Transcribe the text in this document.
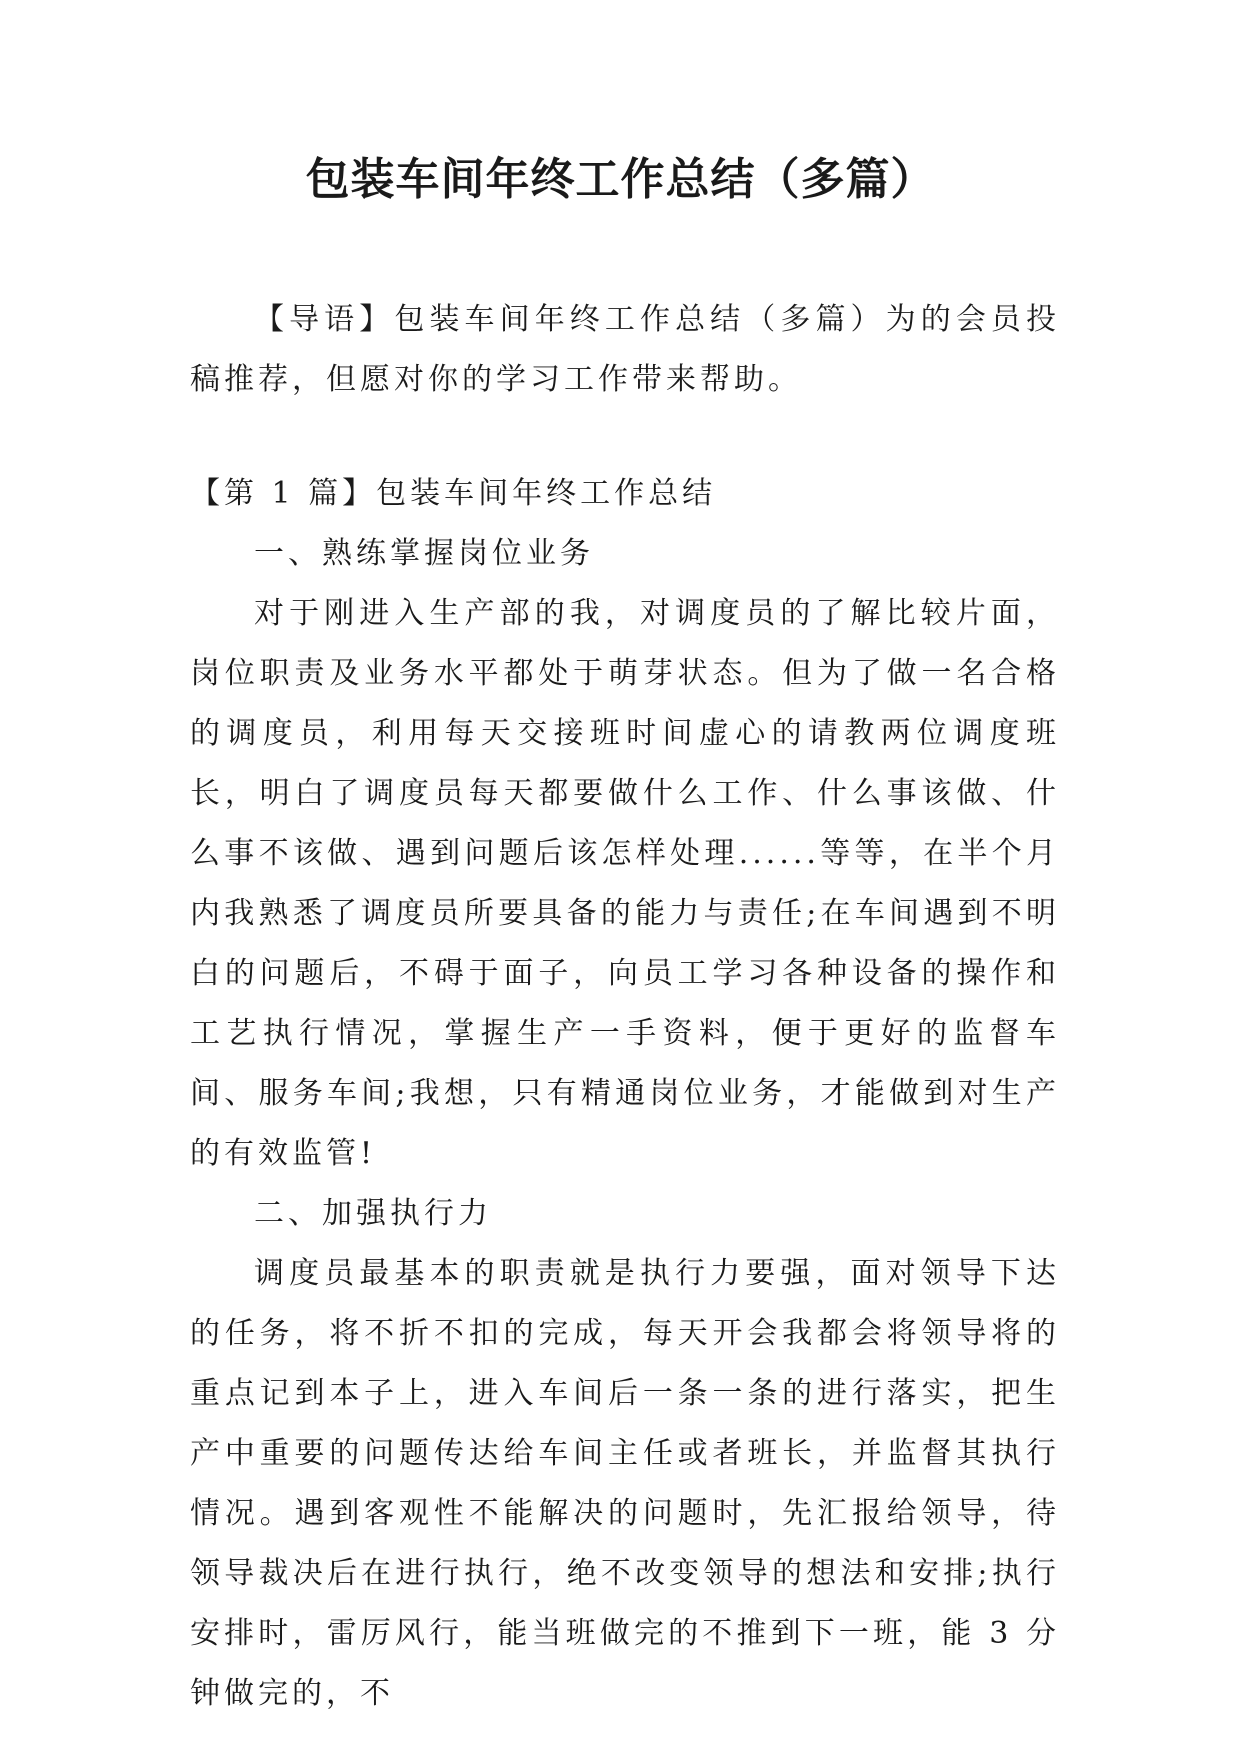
包装车间年终工作总结（多篇）

【导语】包装车间年终工作总结（多篇）为的会员投稿推荐，但愿对你的学习工作带来帮助。

【第 1 篇】包装车间年终工作总结

一、熟练掌握岗位业务

对于刚进入生产部的我，对调度员的了解比较片面，岗位职责及业务水平都处于萌芽状态。但为了做一名合格的调度员，利用每天交接班时间虚心的请教两位调度班长，明白了调度员每天都要做什么工作、什么事该做、什么事不该做、遇到问题后该怎样处理......等等，在半个月内我熟悉了调度员所要具备的能力与责任;在车间遇到不明白的问题后，不碍于面子，向员工学习各种设备的操作和工艺执行情况，掌握生产一手资料，便于更好的监督车间、服务车间;我想，只有精通岗位业务，才能做到对生产的有效监管!

二、加强执行力

调度员最基本的职责就是执行力要强，面对领导下达的任务，将不折不扣的完成，每天开会我都会将领导将的重点记到本子上，进入车间后一条一条的进行落实，把生产中重要的问题传达给车间主任或者班长，并监督其执行情况。遇到客观性不能解决的问题时，先汇报给领导，待领导裁决后在进行执行，绝不改变领导的想法和安排;执行安排时，雷厉风行，能当班做完的不推到下一班，能 3 分钟做完的，不
